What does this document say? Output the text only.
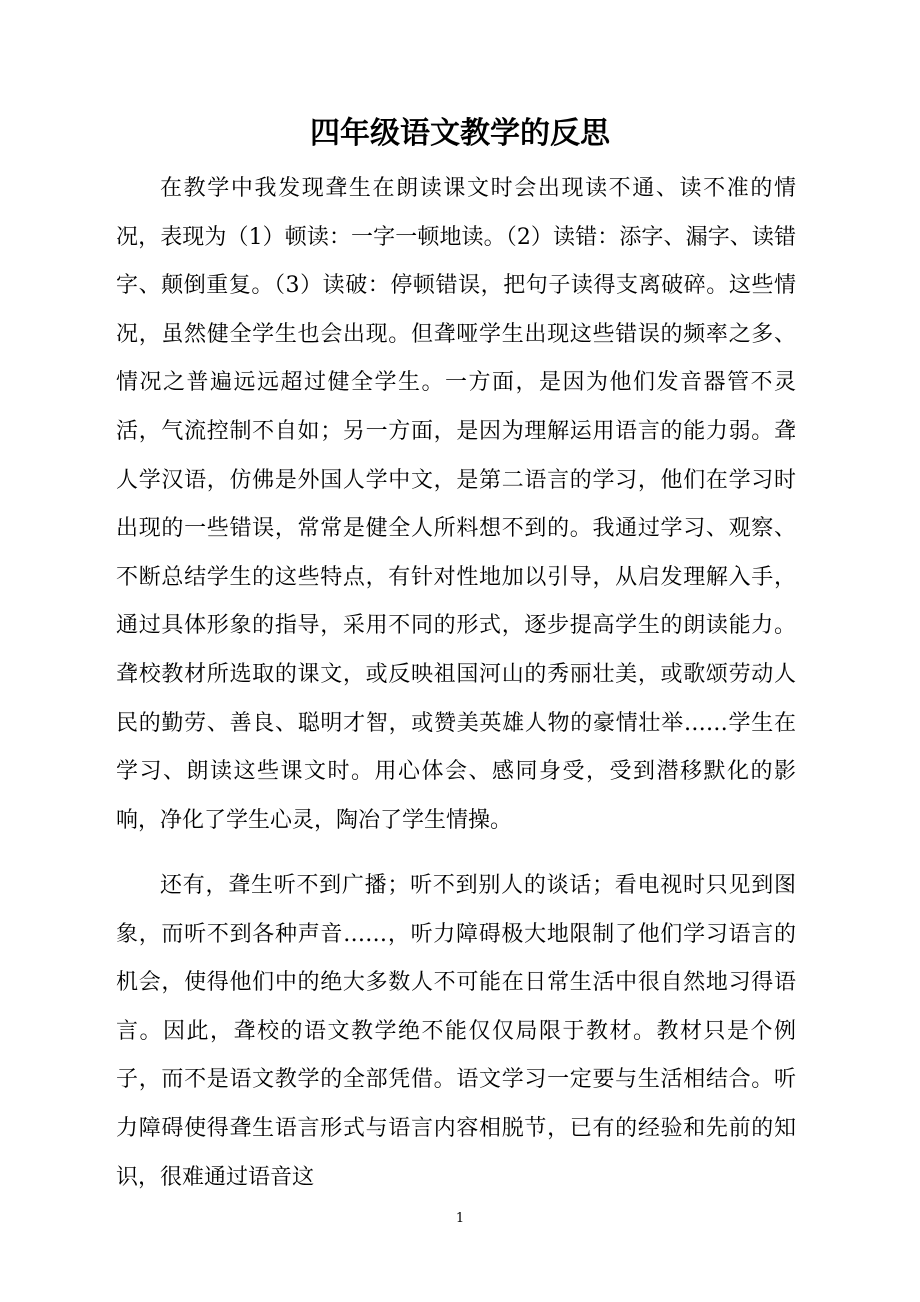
四年级语文教学的反思

在教学中我发现聋生在朗读课文时会出现读不通、读不准的情况，表现为（1）顿读：一字一顿地读。（2）读错：添字、漏字、读错字、颠倒重复。（3）读破：停顿错误，把句子读得支离破碎。这些情况，虽然健全学生也会出现。但聋哑学生出现这些错误的频率之多、情况之普遍远远超过健全学生。一方面，是因为他们发音器管不灵活，气流控制不自如；另一方面，是因为理解运用语言的能力弱。聋人学汉语，仿佛是外国人学中文，是第二语言的学习，他们在学习时出现的一些错误，常常是健全人所料想不到的。我通过学习、观察、不断总结学生的这些特点，有针对性地加以引导，从启发理解入手，通过具体形象的指导，采用不同的形式，逐步提高学生的朗读能力。聋校教材所选取的课文，或反映祖国河山的秀丽壮美，或歌颂劳动人民的勤劳、善良、聪明才智，或赞美英雄人物的豪情壮举……学生在学习、朗读这些课文时。用心体会、感同身受，受到潜移默化的影响，净化了学生心灵，陶冶了学生情操。

还有，聋生听不到广播；听不到别人的谈话；看电视时只见到图象，而听不到各种声音……，听力障碍极大地限制了他们学习语言的机会，使得他们中的绝大多数人不可能在日常生活中很自然地习得语言。因此，聋校的语文教学绝不能仅仅局限于教材。教材只是个例子，而不是语文教学的全部凭借。语文学习一定要与生活相结合。听力障碍使得聋生语言形式与语言内容相脱节，已有的经验和先前的知识，很难通过语音这

1
